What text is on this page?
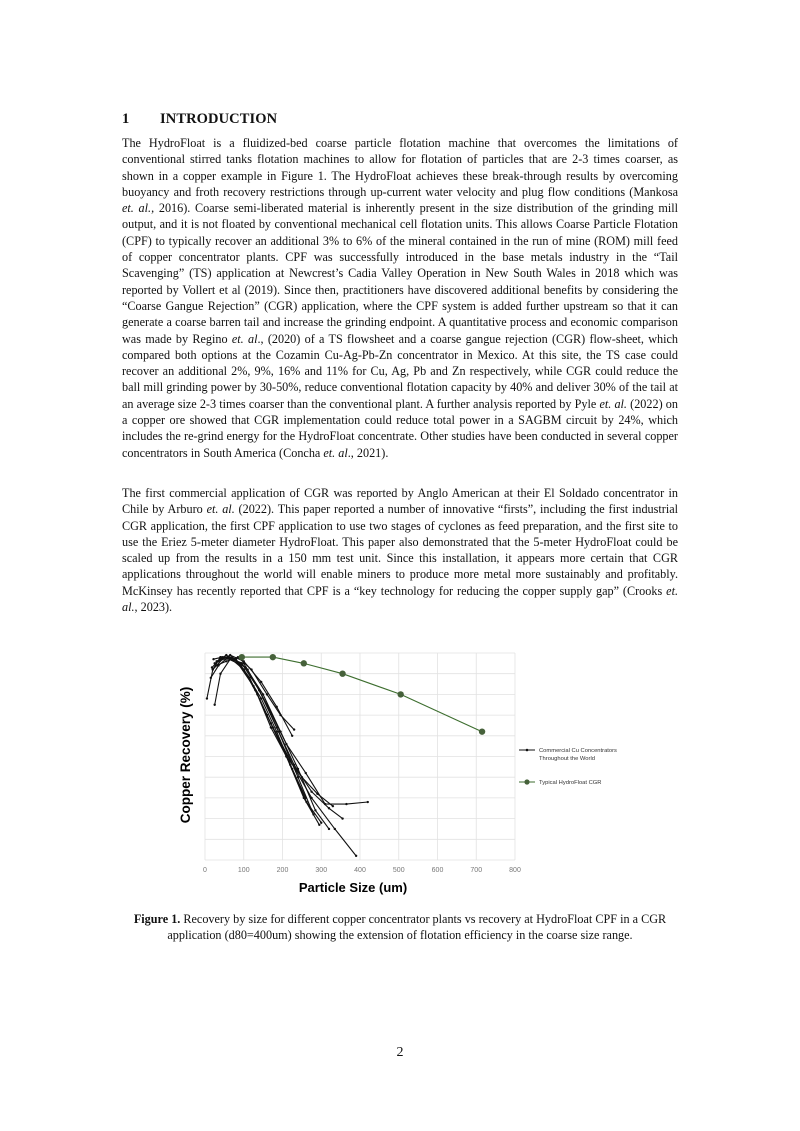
1 INTRODUCTION

The HydroFloat is a fluidized-bed coarse particle flotation machine that overcomes the limitations of conventional stirred tanks flotation machines to allow for flotation of particles that are 2-3 times coarser, as shown in a copper example in Figure 1. The HydroFloat achieves these break-through results by overcoming buoyancy and froth recovery restrictions through up-current water velocity and plug flow conditions (Mankosa et. al., 2016). Coarse semi-liberated material is inherently present in the size distribution of the grinding mill output, and it is not floated by conventional mechanical cell flotation units. This allows Coarse Particle Flotation (CPF) to typically recover an additional 3% to 6% of the mineral contained in the run of mine (ROM) mill feed of copper concentrator plants. CPF was successfully introduced in the base metals industry in the “Tail Scavenging” (TS) application at Newcrest’s Cadia Valley Operation in New South Wales in 2018 which was reported by Vollert et al (2019). Since then, practitioners have discovered additional benefits by considering the “Coarse Gangue Rejection” (CGR) application, where the CPF system is added further upstream so that it can generate a coarse barren tail and increase the grinding endpoint. A quantitative process and economic comparison was made by Regino et. al., (2020) of a TS flowsheet and a coarse gangue rejection (CGR) flow-sheet, which compared both options at the Cozamin Cu-Ag-Pb-Zn concentrator in Mexico. At this site, the TS case could recover an additional 2%, 9%, 16% and 11% for Cu, Ag, Pb and Zn respectively, while CGR could reduce the ball mill grinding power by 30-50%, reduce conventional flotation capacity by 40% and deliver 30% of the tail at an average size 2-3 times coarser than the conventional plant. A further analysis reported by Pyle et. al. (2022) on a copper ore showed that CGR implementation could reduce total power in a SAGBM circuit by 24%, which includes the re-grind energy for the HydroFloat concentrate. Other studies have been conducted in several copper concentrators in South America (Concha et. al., 2021).

The first commercial application of CGR was reported by Anglo American at their El Soldado concentrator in Chile by Arburo et. al. (2022). This paper reported a number of innovative “firsts”, including the first industrial CGR application, the first CPF application to use two stages of cyclones as feed preparation, and the first site to use the Eriez 5-meter diameter HydroFloat. This paper also demonstrated that the 5-meter HydroFloat could be scaled up from the results in a 150 mm test unit. Since this installation, it appears more certain that CGR applications throughout the world will enable miners to produce more metal more sustainably and profitably. McKinsey has recently reported that CPF is a “key technology for reducing the copper supply gap” (Crooks et. al., 2023).

0	100	200	300	400	500	600	700	800
Commercial Cu Concentrators
Throughout the World
Typical HydroFloat CGR
Copper Recovery (%)
Particle Size (um)
Figure 1. Recovery by size for different copper concentrator plants vs recovery at HydroFloat CPF in a CGR application (d80=400um) showing the extension of flotation efficiency in the coarse size range.
2
